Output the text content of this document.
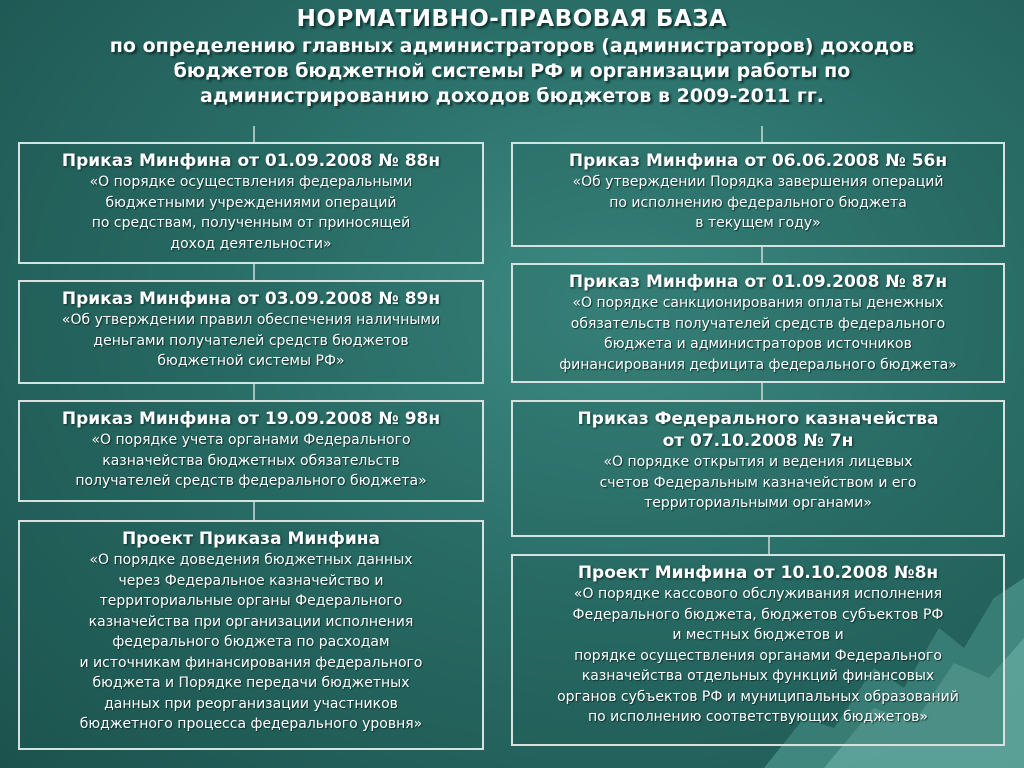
НОРМАТИВНО-ПРАВОВАЯ БАЗА
по определению главных администраторов (администраторов) доходов
бюджетов бюджетной системы РФ и организации работы по
администрированию доходов бюджетов в 2009-2011 гг.
Приказ Минфина от 01.09.2008 № 88н
«О порядке осуществления федеральными
бюджетными учреждениями операций
по средствам, полученным от приносящей
доход деятельности»
Приказ Минфина от 03.09.2008 № 89н
«Об утверждении правил обеспечения наличными
деньгами получателей средств бюджетов
бюджетной системы РФ»
Приказ Минфина от 19.09.2008 № 98н
«О порядке учета органами Федерального
казначейства бюджетных обязательств
получателей средств федерального бюджета»
Проект Приказа Минфина
«О порядке доведения бюджетных данных
через Федеральное казначейство и
территориальные органы Федерального
казначейства при организации исполнения
федерального бюджета по расходам
и источникам финансирования федерального
бюджета и Порядке передачи бюджетных
данных при реорганизации участников
бюджетного процесса федерального уровня»
Приказ Минфина от 06.06.2008 № 56н
«Об утверждении Порядка завершения операций
по исполнению федерального бюджета
в текущем году»
Приказ Минфина от 01.09.2008 № 87н
«О порядке санкционирования оплаты денежных
обязательств получателей средств федерального
бюджета и администраторов источников
финансирования дефицита федерального бюджета»
Приказ Федерального казначейства
от 07.10.2008 № 7н
«О порядке открытия и ведения лицевых
счетов Федеральным казначейством и его
территориальными органами»
Проект Минфина от 10.10.2008 №8н
«О порядке кассового обслуживания исполнения
Федерального бюджета, бюджетов субъектов РФ
и местных бюджетов и
порядке осуществления органами Федерального
казначейства отдельных функций финансовых
органов субъектов РФ и муниципальных образований
по исполнению соответствующих бюджетов»
